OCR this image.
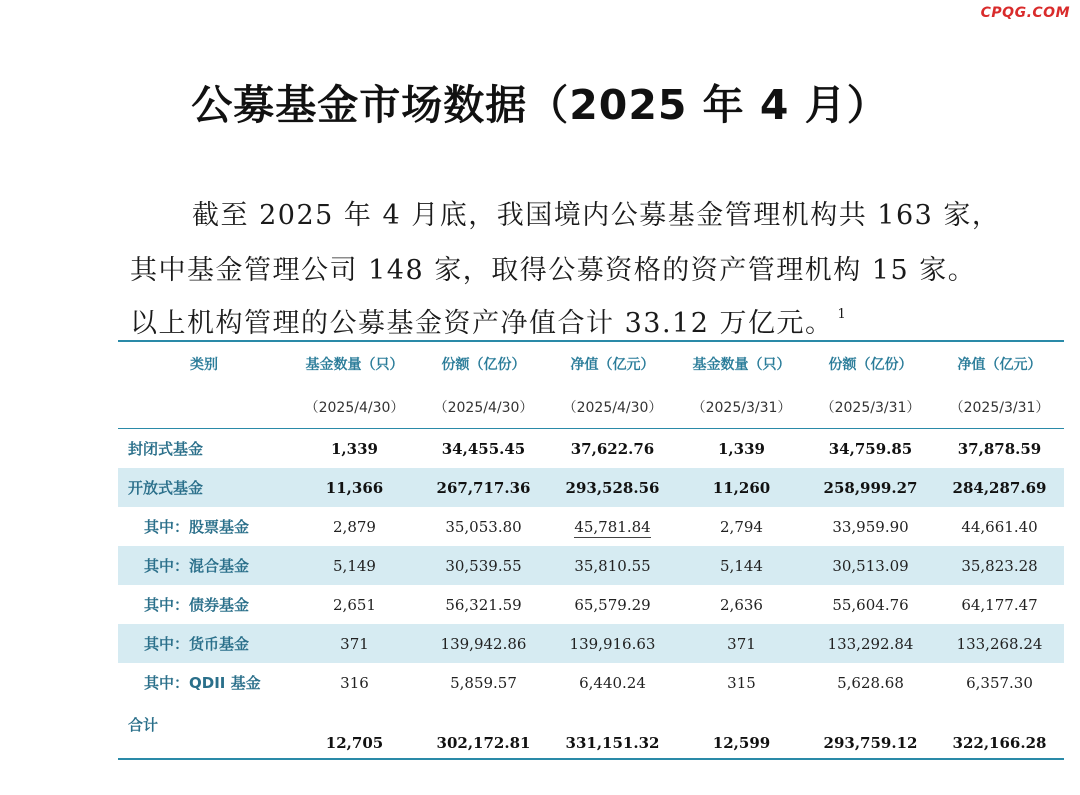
CPQG.COM
公募基金市场数据（2025 年 4 月）
截至 2025 年 4 月底，我国境内公募基金管理机构共 163 家，
其中基金管理公司 148 家，取得公募资格的资产管理机构 15 家。
以上机构管理的公募基金资产净值合计 33.12 万亿元。 $^1$
类别	基金数量（只）	份额（亿份）	净值（亿元）	基金数量（只）	份额（亿份）	净值（亿元）
	（2025/4/30）	（2025/4/30）	（2025/4/30）	（2025/3/31）	（2025/3/31）	（2025/3/31）
封闭式基金	1,339	34,455.45	37,622.76	1,339	34,759.85	37,878.59
开放式基金	11,366	267,717.36	293,528.56	11,260	258,999.27	284,287.69
其中：股票基金	2,879	35,053.80	45,781.84	2,794	33,959.90	44,661.40
其中：混合基金	5,149	30,539.55	35,810.55	5,144	30,513.09	35,823.28
其中：债券基金	2,651	56,321.59	65,579.29	2,636	55,604.76	64,177.47
其中：货币基金	371	139,942.86	139,916.63	371	133,292.84	133,268.24
其中：QDII 基金	316	5,859.57	6,440.24	315	5,628.68	6,357.30
合计	12,705	302,172.81	331,151.32	12,599	293,759.12	322,166.28
